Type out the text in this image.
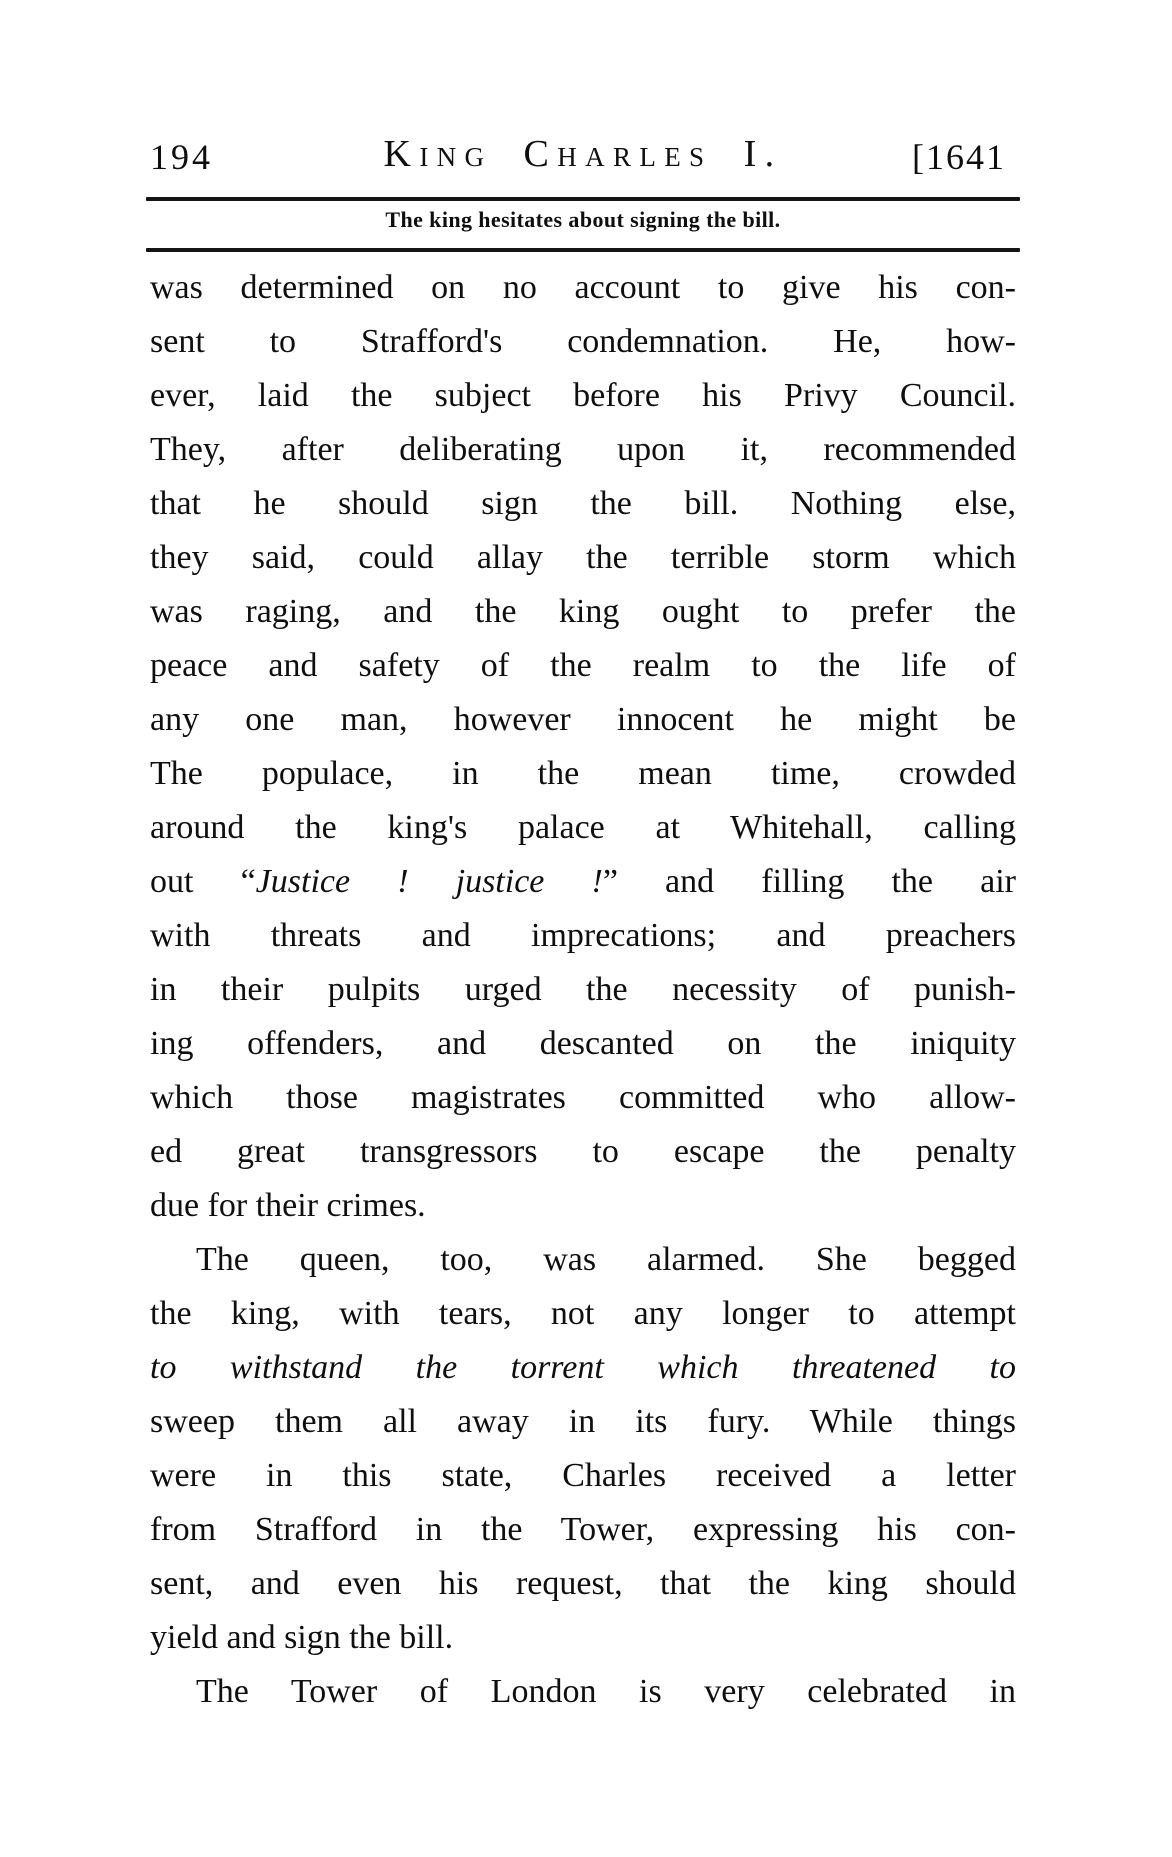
194	King Charles I.	[1641
The king hesitates about signing the bill.
was determined on no account to give his con-
sent to Strafford's condemnation. He, how-
ever, laid the subject before his Privy Council.
They, after deliberating upon it, recommended
that he should sign the bill. Nothing else,
they said, could allay the terrible storm which
was raging, and the king ought to prefer the
peace and safety of the realm to the life of
any one man, however innocent he might be
The populace, in the mean time, crowded
around the king's palace at Whitehall, calling
out “Justice ! justice !” and filling the air
with threats and imprecations; and preachers
in their pulpits urged the necessity of punish-
ing offenders, and descanted on the iniquity
which those magistrates committed who allow-
ed great transgressors to escape the penalty
due for their crimes.
The queen, too, was alarmed. She begged
the king, with tears, not any longer to attempt
to withstand the torrent which threatened to
sweep them all away in its fury. While things
were in this state, Charles received a letter
from Strafford in the Tower, expressing his con-
sent, and even his request, that the king should
yield and sign the bill.
The Tower of London is very celebrated in
